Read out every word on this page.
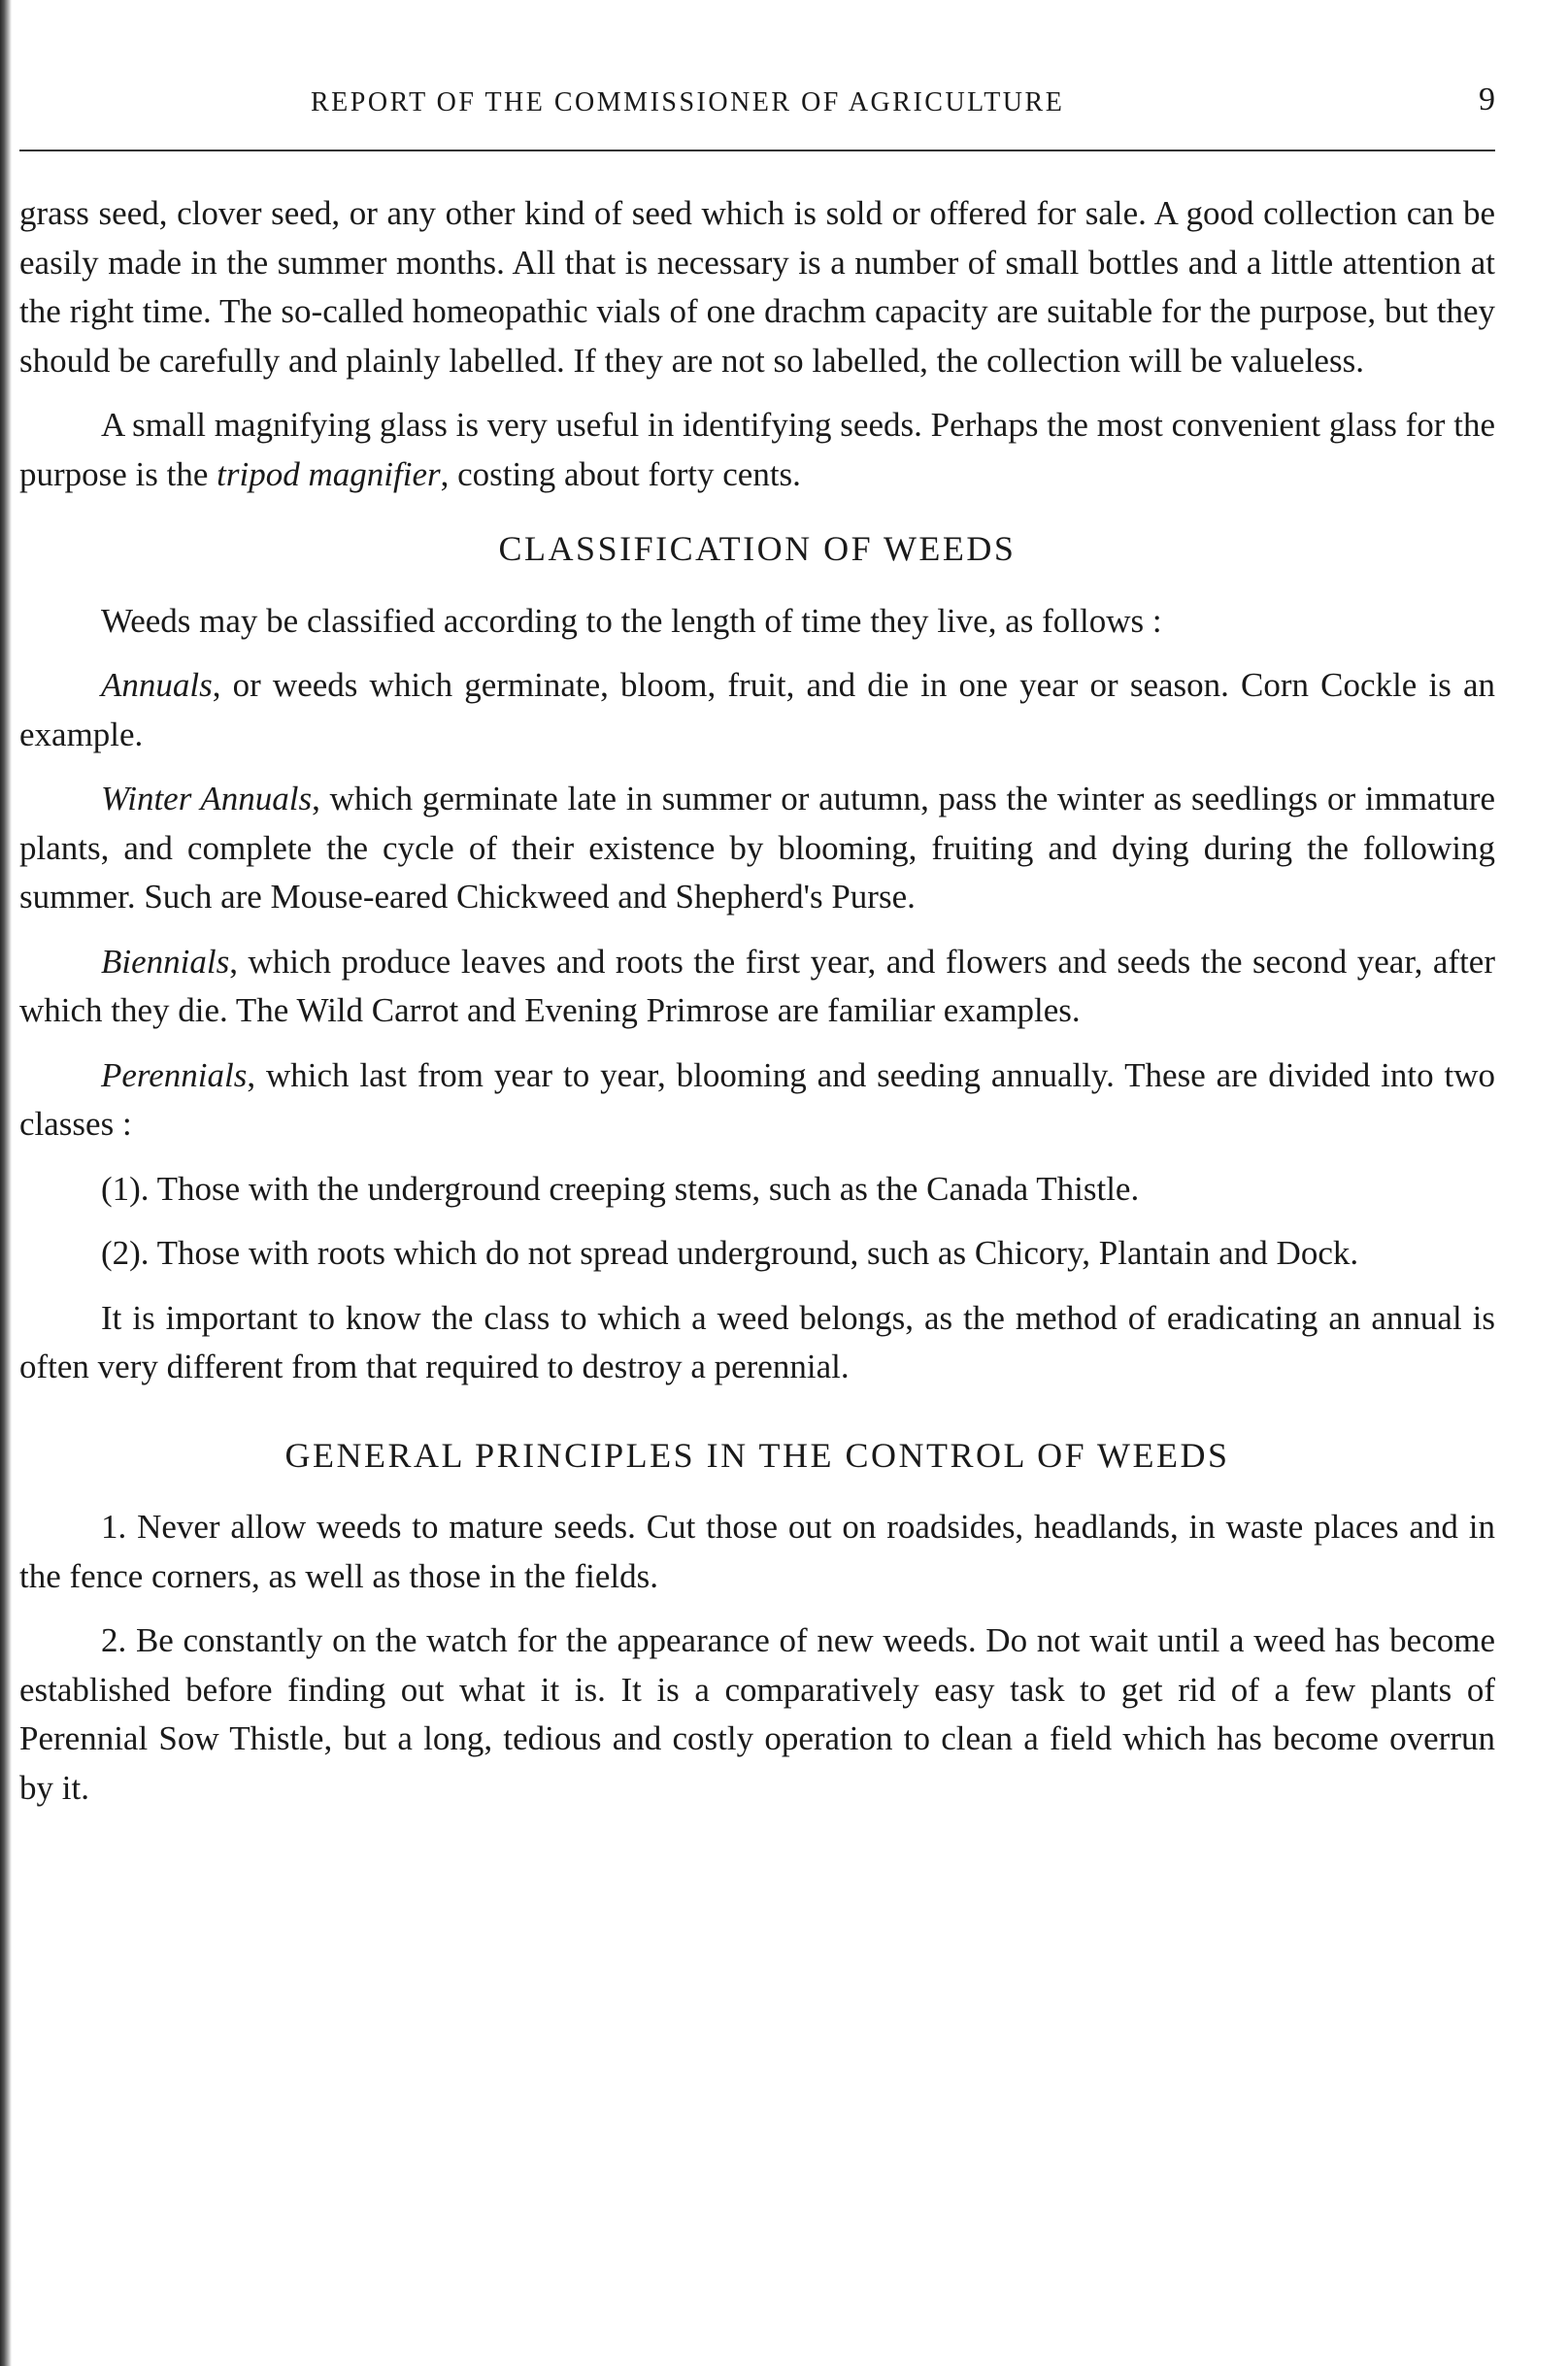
REPORT OF THE COMMISSIONER OF AGRICULTURE	9

grass seed, clover seed, or any other kind of seed which is sold or offered for sale. A good collection can be easily made in the summer months. All that is necessary is a number of small bottles and a little attention at the right time. The so-called homeopathic vials of one drachm capacity are suitable for the purpose, but they should be carefully and plainly labelled. If they are not so labelled, the collection will be valueless.

A small magnifying glass is very useful in identifying seeds. Perhaps the most convenient glass for the purpose is the tripod magnifier, costing about forty cents.

CLASSIFICATION OF WEEDS

Weeds may be classified according to the length of time they live, as follows :

Annuals, or weeds which germinate, bloom, fruit, and die in one year or season. Corn Cockle is an example.

Winter Annuals, which germinate late in summer or autumn, pass the winter as seedlings or immature plants, and complete the cycle of their existence by blooming, fruiting and dying during the following summer. Such are Mouse-eared Chickweed and Shepherd's Purse.

Biennials, which produce leaves and roots the first year, and flowers and seeds the second year, after which they die. The Wild Carrot and Evening Primrose are familiar examples.

Perennials, which last from year to year, blooming and seeding annually. These are divided into two classes :

(1). Those with the underground creeping stems, such as the Canada Thistle.

(2). Those with roots which do not spread underground, such as Chicory, Plantain and Dock.

It is important to know the class to which a weed belongs, as the method of eradicating an annual is often very different from that required to destroy a perennial.

GENERAL PRINCIPLES IN THE CONTROL OF WEEDS

1. Never allow weeds to mature seeds. Cut those out on roadsides, headlands, in waste places and in the fence corners, as well as those in the fields.

2. Be constantly on the watch for the appearance of new weeds. Do not wait until a weed has become established before finding out what it is. It is a comparatively easy task to get rid of a few plants of Perennial Sow Thistle, but a long, tedious and costly operation to clean a field which has become overrun by it.
